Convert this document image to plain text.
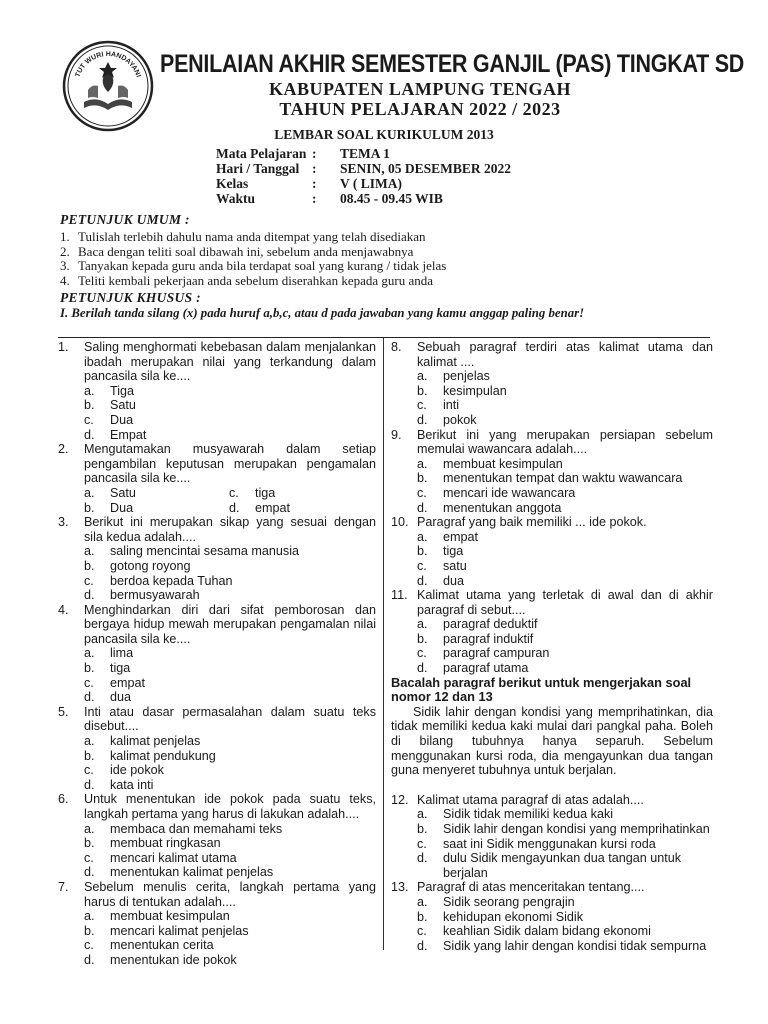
TUT WURI HANDAYANI PENILAIAN AKHIR SEMESTER GANJIL (PAS) TINGKAT SD
KABUPATEN LAMPUNG TENGAH
TAHUN PELAJARAN 2022 / 2023
LEMBAR SOAL KURIKULUM 2013
Mata Pelajaran :	TEMA 1
Hari / Tanggal :	SENIN, 05 DESEMBER 2022
Kelas	:	V ( LIMA)
Waktu	:	08.45 - 09.45 WIB
PETUNJUK UMUM :
1. Tulislah terlebih dahulu nama anda ditempat yang telah disediakan
2. Baca dengan teliti soal dibawah ini, sebelum anda menjawabnya
3. Tanyakan kepada guru anda bila terdapat soal yang kurang / tidak jelas
4. Teliti kembali pekerjaan anda sebelum diserahkan kepada guru anda
PETUNJUK KHUSUS :
I. Berilah tanda silang (x) pada huruf a,b,c, atau d pada jawaban yang kamu anggap paling benar!
1.	Saling menghormati kebebasan dalam menjalankan ibadah merupakan nilai yang terkandung dalam pancasila sila ke....
a.	Tiga
b.	Satu
c.	Dua
d.	Empat
2.	Mengutamakan musyawarah dalam setiap pengambilan keputusan merupakan pengamalan pancasila sila ke....
a.	Satu	c.	tiga
b.	Dua	d.	empat
3.	Berikut ini merupakan sikap yang sesuai dengan sila kedua adalah....
a.	saling mencintai sesama manusia
b.	gotong royong
c.	berdoa kepada Tuhan
d.	bermusyawarah
4.	Menghindarkan diri dari sifat pemborosan dan bergaya hidup mewah merupakan pengamalan nilai pancasila sila ke....
a.	lima
b.	tiga
c.	empat
d.	dua
5.	Inti atau dasar permasalahan dalam suatu teks disebut....
a.	kalimat penjelas
b.	kalimat pendukung
c.	ide pokok
d.	kata inti
6.	Untuk menentukan ide pokok pada suatu teks, langkah pertama yang harus di lakukan adalah....
a.	membaca dan memahami teks
b.	membuat ringkasan
c.	mencari kalimat utama
d.	menentukan kalimat penjelas
7.	Sebelum menulis cerita, langkah pertama yang harus di tentukan adalah....
a.	membuat kesimpulan
b.	mencari kalimat penjelas
c.	menentukan cerita
d.	menentukan ide pokok
8.	Sebuah paragraf terdiri atas kalimat utama dan kalimat ....
a.	penjelas
b.	kesimpulan
c.	inti
d.	pokok
9.	Berikut ini yang merupakan persiapan sebelum memulai wawancara adalah....
a.	membuat kesimpulan
b.	menentukan tempat dan waktu wawancara
c.	mencari ide wawancara
d.	menentukan anggota
10. Paragraf yang baik memiliki ... ide pokok.
a.	empat
b.	tiga
c.	satu
d.	dua
11. Kalimat utama yang terletak di awal dan di akhir paragraf di sebut....
a.	paragraf deduktif
b.	paragraf induktif
c.	paragraf campuran
d.	paragraf utama
Bacalah paragraf berikut untuk mengerjakan soal nomor 12 dan 13
Sidik lahir dengan kondisi yang memprihatinkan, dia tidak memiliki kedua kaki mulai dari pangkal paha. Boleh di bilang tubuhnya hanya separuh. Sebelum menggunakan kursi roda, dia mengayunkan dua tangan guna menyeret tubuhnya untuk berjalan.
12. Kalimat utama paragraf di atas adalah....
a.	Sidik tidak memiliki kedua kaki
b.	Sidik lahir dengan kondisi yang memprihatinkan
c.	saat ini Sidik menggunakan kursi roda
d.	dulu Sidik mengayunkan dua tangan untuk berjalan
13. Paragraf di atas menceritakan tentang....
a.	Sidik seorang pengrajin
b.	kehidupan ekonomi Sidik
c.	keahlian Sidik dalam bidang ekonomi
d.	Sidik yang lahir dengan kondisi tidak sempurna
